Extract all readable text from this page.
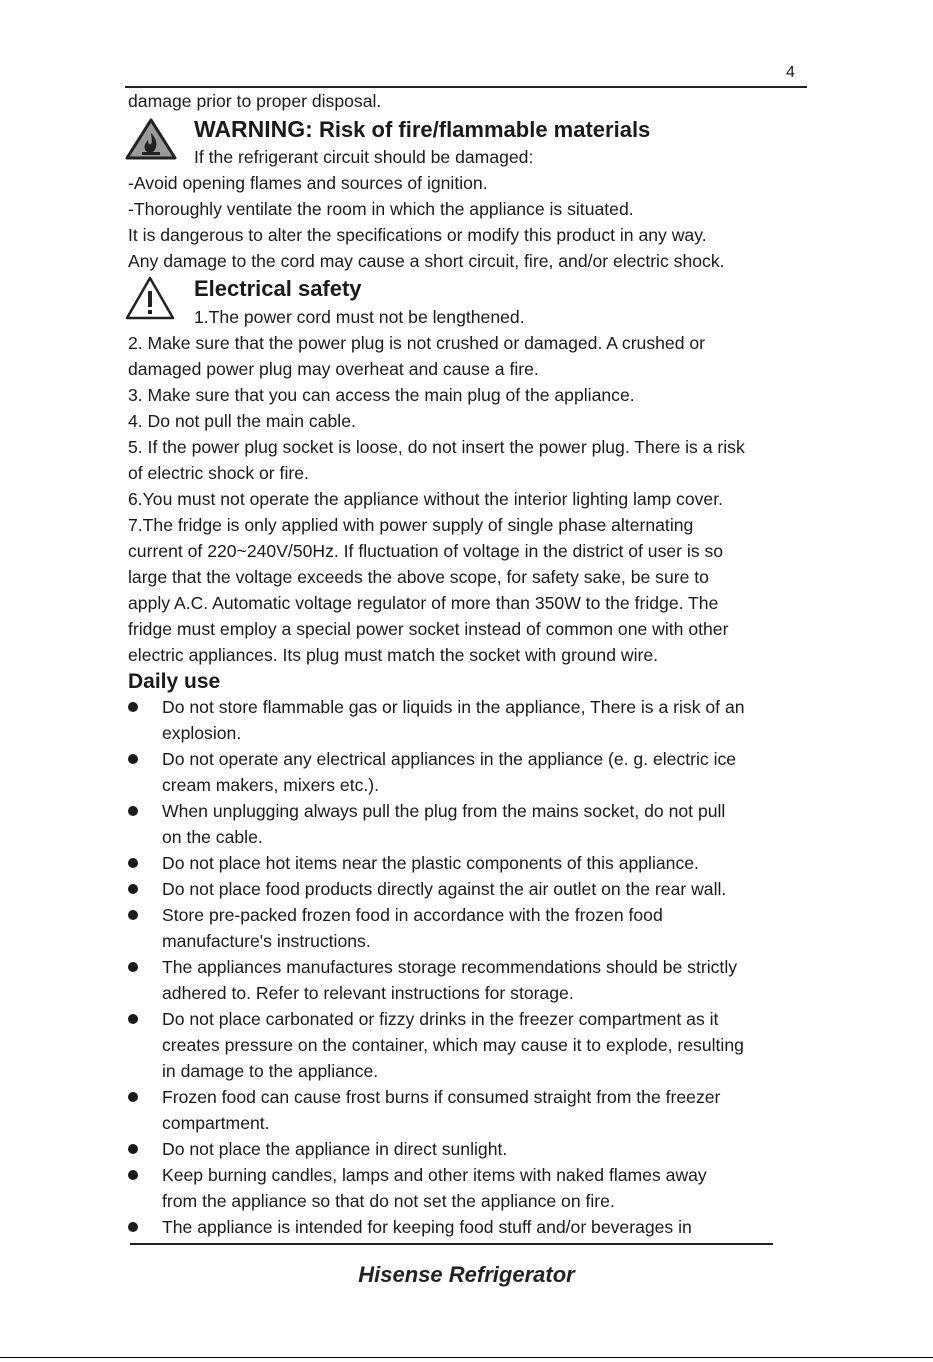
4
damage prior to proper disposal.
WARNING: Risk of fire/flammable materials
If the refrigerant circuit should be damaged:
-Avoid opening flames and sources of ignition.
-Thoroughly ventilate the room in which the appliance is situated.
It is dangerous to alter the specifications or modify this product in any way.
Any damage to the cord may cause a short circuit, fire, and/or electric shock.
Electrical safety
1.The power cord must not be lengthened.
2. Make sure that the power plug is not crushed or damaged. A crushed or
damaged power plug may overheat and cause a fire.
3. Make sure that you can access the main plug of the appliance.
4. Do not pull the main cable.
5. If the power plug socket is loose, do not insert the power plug. There is a risk
of electric shock or fire.
6.You must not operate the appliance without the interior lighting lamp cover.
7.The fridge is only applied with power supply of single phase alternating
current of 220~240V/50Hz. If fluctuation of voltage in the district of user is so
large that the voltage exceeds the above scope, for safety sake, be sure to
apply A.C. Automatic voltage regulator of more than 350W to the fridge. The
fridge must employ a special power socket instead of common one with other
electric appliances. Its plug must match the socket with ground wire.
Daily use
Do not store flammable gas or liquids in the appliance, There is a risk of an
explosion.
Do not operate any electrical appliances in the appliance (e. g. electric ice
cream makers, mixers etc.).
When unplugging always pull the plug from the mains socket, do not pull
on the cable.
Do not place hot items near the plastic components of this appliance.
Do not place food products directly against the air outlet on the rear wall.
Store pre-packed frozen food in accordance with the frozen food
manufacture's instructions.
The appliances manufactures storage recommendations should be strictly
adhered to. Refer to relevant instructions for storage.
Do not place carbonated or fizzy drinks in the freezer compartment as it
creates pressure on the container, which may cause it to explode, resulting
in damage to the appliance.
Frozen food can cause frost burns if consumed straight from the freezer
compartment.
Do not place the appliance in direct sunlight.
Keep burning candles, lamps and other items with naked flames away
from the appliance so that do not set the appliance on fire.
The appliance is intended for keeping food stuff and/or beverages in
Hisense Refrigerator
